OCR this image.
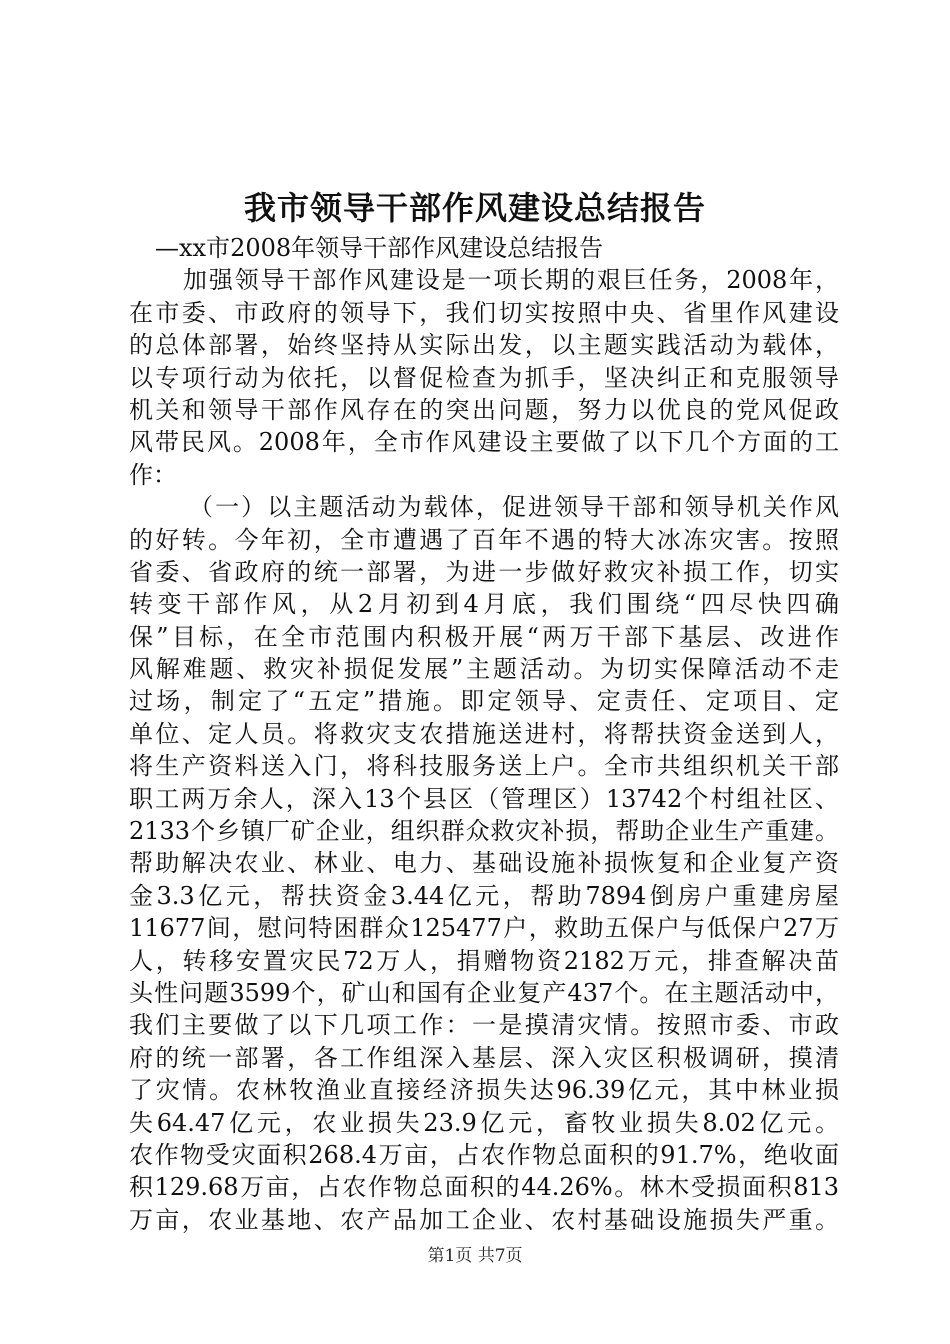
我市领导干部作风建设总结报告
—xx市2008年领导干部作风建设总结报告
加强领导干部作风建设是一项长期的艰巨任务，2008年，
在市委、市政府的领导下，我们切实按照中央、省里作风建设
的总体部署，始终坚持从实际出发，以主题实践活动为载体，
以专项行动为依托，以督促检查为抓手，坚决纠正和克服领导
机关和领导干部作风存在的突出问题，努力以优良的党风促政
风带民风。2008年，全市作风建设主要做了以下几个方面的工
作：
（一）以主题活动为载体，促进领导干部和领导机关作风
的好转。今年初，全市遭遇了百年不遇的特大冰冻灾害。按照
省委、省政府的统一部署，为进一步做好救灾补损工作，切实
转变干部作风，从2月初到4月底，我们围绕“四尽快四确
保”目标，在全市范围内积极开展“两万干部下基层、改进作
风解难题、救灾补损促发展”主题活动。为切实保障活动不走
过场，制定了“五定”措施。即定领导、定责任、定项目、定
单位、定人员。将救灾支农措施送进村，将帮扶资金送到人，
将生产资料送入门，将科技服务送上户。全市共组织机关干部
职工两万余人，深入13个县区（管理区）13742个村组社区、
2133个乡镇厂矿企业，组织群众救灾补损，帮助企业生产重建。
帮助解决农业、林业、电力、基础设施补损恢复和企业复产资
金3.3亿元，帮扶资金3.44亿元，帮助7894倒房户重建房屋
11677间，慰问特困群众125477户，救助五保户与低保户27万
人，转移安置灾民72万人，捐赠物资2182万元，排查解决苗
头性问题3599个，矿山和国有企业复产437个。在主题活动中，
我们主要做了以下几项工作：一是摸清灾情。按照市委、市政
府的统一部署，各工作组深入基层、深入灾区积极调研，摸清
了灾情。农林牧渔业直接经济损失达96.39亿元，其中林业损
失64.47亿元，农业损失23.9亿元，畜牧业损失8.02亿元。
农作物受灾面积268.4万亩，占农作物总面积的91.7%，绝收面
积129.68万亩，占农作物总面积的44.26%。林木受损面积813
万亩，农业基地、农产品加工企业、农村基础设施损失严重。
第1页 共7页
